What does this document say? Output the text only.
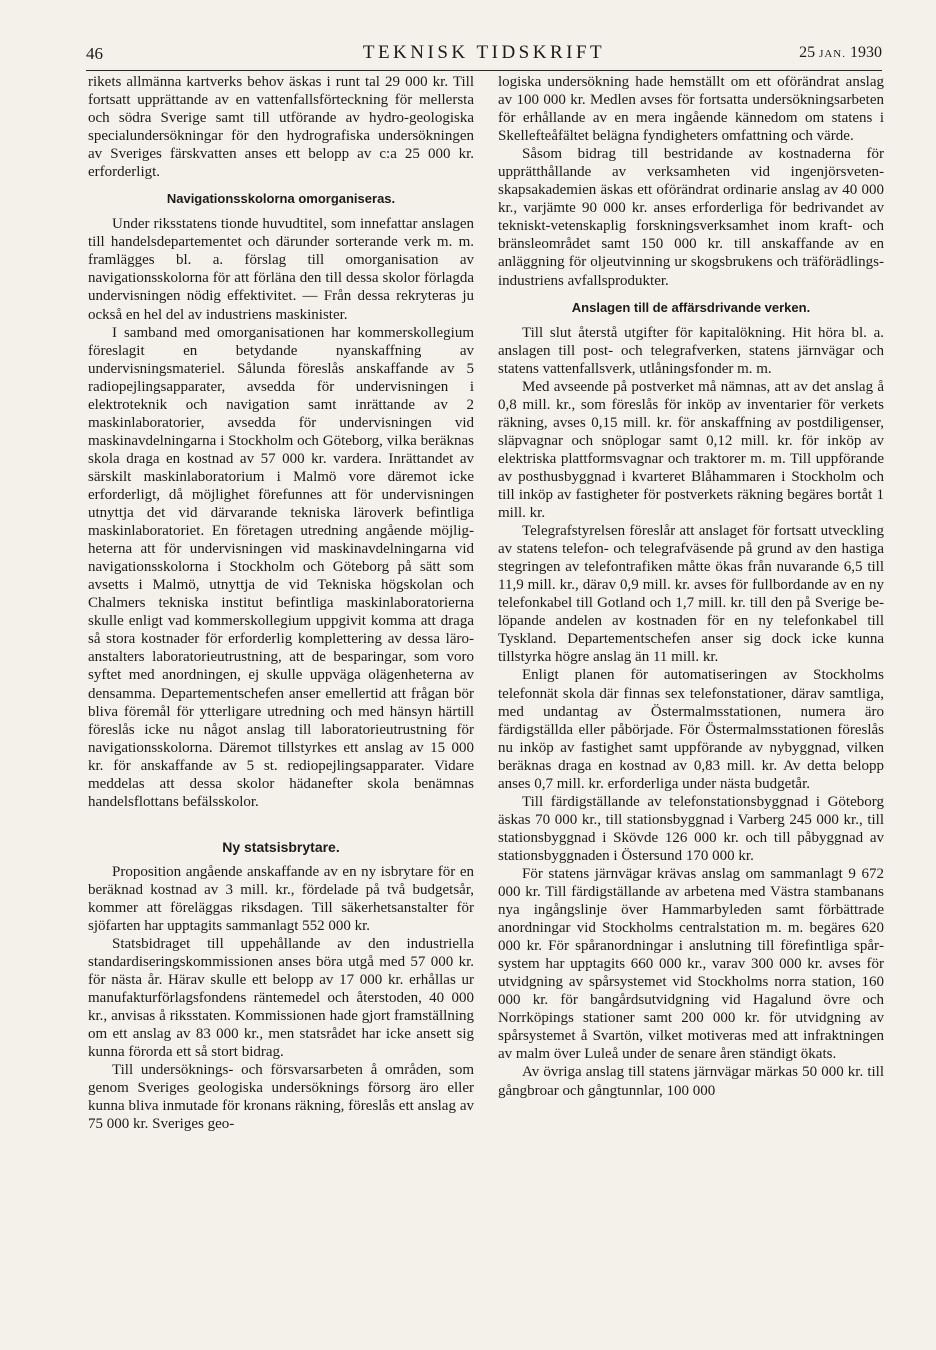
46	TEKNISK TIDSKRIFT	25 JAN. 1930

rikets allmänna kartverks behov äskas i runt tal 29 000 kr. Till fortsatt upprättande av en vattenfallsförteckning för mellersta och södra Sverige samt till utförande av hydro-geologiska specialundersökningar för den hydrografiska undersökningen av Sveriges färskvatten anses ett belopp av c:a 25 000 kr. erforderligt.

Navigationsskolorna omorganiseras.

Under riksstatens tionde huvudtitel, som innefattar anslagen till handelsdepartementet och därunder sorterande verk m. m. framlägges bl. a. förslag till omorganisation av navigationsskolorna för att förläna den till dessa skolor förlagda undervisningen nödig effektivitet. — Från dessa rekryteras ju också en hel del av industriens maskinister.

I samband med omorganisationen har kommerskollegium föreslagit en betydande nyanskaffning av undervisningsmateriel. Sålunda föreslås anskaffande av 5 radiopejlingsapparater, avsedda för undervisningen i elektroteknik och navigation samt inrättande av 2 maskinlaboratorier, avsedda för undervisningen vid maskinavdelningarna i Stockholm och Göteborg, vilka beräknas skola draga en kostnad av 57 000 kr. vardera. Inrättandet av särskilt maskinlaboratorium i Malmö vore däremot icke erforderligt, då möjlighet förefunnes att för undervisningen utnyttja det vid därvarande tekniska läroverk befintliga maskinlaboratoriet. En företagen utredning angående möjligheterna att för undervisningen vid maskinavdelningarna vid navigationsskolorna i Stockholm och Göteborg på sätt som avsetts i Malmö, utnyttja de vid Tekniska högskolan och Chalmers tekniska institut befintliga maskinlaboratorierna skulle enligt vad kommerskollegium uppgivit komma att draga så stora kostnader för erforderlig komplettering av dessa läroanstalters laboratorieutrustning, att de besparingar, som voro syftet med anordningen, ej skulle uppväga olägenheterna av densamma. Departementschefen anser emellertid att frågan bör bliva föremål för ytterligare utredning och med hänsyn härtill föreslås icke nu något anslag till laboratorieutrustning för navigationsskolorna. Däremot tillstyrkes ett anslag av 15 000 kr. för anskaffande av 5 st. rediopejlingsapparater. Vidare meddelas att dessa skolor hädanefter skola benämnas handelsflottans befälsskolor.

Ny statsisbrytare.

Proposition angående anskaffande av en ny isbrytare för en beräknad kostnad av 3 mill. kr., fördelade på två budgetsår, kommer att föreläggas riksdagen. Till säkerhetsanstalter för sjöfarten har upptagits sammanlagt 552 000 kr.

Statsbidraget till uppehållande av den industriella standardiseringskommissionen anses böra utgå med 57 000 kr. för nästa år. Härav skulle ett belopp av 17 000 kr. erhållas ur manufakturförlagsfondens räntemedel och återstoden, 40 000 kr., anvisas å riksstaten. Kommissionen hade gjort framställning om ett anslag av 83 000 kr., men statsrådet har icke ansett sig kunna förorda ett så stort bidrag.

Till undersöknings- och försvarsarbeten å områden, som genom Sveriges geologiska undersöknings försorg äro eller kunna bliva inmutade för kronans räkning, föreslås ett anslag av 75 000 kr. Sveriges geo-

logiska undersökning hade hemställt om ett oförändrat anslag av 100 000 kr. Medlen avses för fortsatta undersökningsarbeten för erhållande av en mera ingående kännedom om statens i Skellefteåfältet belägna fyndigheters omfattning och värde.

Såsom bidrag till bestridande av kostnaderna för upprätthållande av verksamheten vid ingenjörsvetenskapsakademien äskas ett oförändrat ordinarie anslag av 40 000 kr., varjämte 90 000 kr. anses erforderliga för bedrivandet av tekniskt-vetenskaplig forskningsverksamhet inom kraft- och bränsleområdet samt 150 000 kr. till anskaffande av en anläggning för oljeutvinning ur skogsbrukens och träförädlingsindustriens avfallsprodukter.

Anslagen till de affärsdrivande verken.

Till slut återstå utgifter för kapitalökning. Hit höra bl. a. anslagen till post- och telegrafverken, statens järnvägar och statens vattenfallsverk, utlåningsfonder m. m.

Med avseende på postverket må nämnas, att av det anslag å 0,8 mill. kr., som föreslås för inköp av inventarier för verkets räkning, avses 0,15 mill. kr. för anskaffning av postdiligenser, släpvagnar och snöplogar samt 0,12 mill. kr. för inköp av elektriska plattformsvagnar och traktorer m. m. Till uppförande av posthusbyggnad i kvarteret Blåhammaren i Stockholm och till inköp av fastigheter för postverkets räkning begäres bortåt 1 mill. kr.

Telegrafstyrelsen föreslår att anslaget för fortsatt utveckling av statens telefon- och telegrafväsende på grund av den hastiga stegringen av telefontrafiken måtte ökas från nuvarande 6,5 till 11,9 mill. kr., därav 0,9 mill. kr. avses för fullbordande av en ny telefonkabel till Gotland och 1,7 mill. kr. till den på Sverige belöpande andelen av kostnaden för en ny telefonkabel till Tyskland. Departementschefen anser sig dock icke kunna tillstyrka högre anslag än 11 mill. kr.

Enligt planen för automatiseringen av Stockholms telefonnät skola där finnas sex telefonstationer, därav samtliga, med undantag av Östermalmsstationen, numera äro färdigställda eller påbörjade. För Östermalmsstationen föreslås nu inköp av fastighet samt uppförande av nybyggnad, vilken beräknas draga en kostnad av 0,83 mill. kr. Av detta belopp anses 0,7 mill. kr. erforderliga under nästa budgetår.

Till färdigställande av telefonstationsbyggnad i Göteborg äskas 70 000 kr., till stationsbyggnad i Varberg 245 000 kr., till stationsbyggnad i Skövde 126 000 kr. och till påbyggnad av stationsbyggnaden i Östersund 170 000 kr.

För statens järnvägar krävas anslag om sammanlagt 9 672 000 kr. Till färdigställande av arbetena med Västra stambanans nya ingångslinje över Hammarbyleden samt förbättrade anordningar vid Stockholms centralstation m. m. begäres 620 000 kr. För spåranordningar i anslutning till förefintliga spårsystem har upptagits 660 000 kr., varav 300 000 kr. avses för utvidgning av spårsystemet vid Stockholms norra station, 160 000 kr. för bangårdsutvidgning vid Hagalund övre och Norrköpings stationer samt 200 000 kr. för utvidgning av spårsystemet å Svartön, vilket motiveras med att infraktningen av malm över Luleå under de senare åren ständigt ökats.

Av övriga anslag till statens järnvägar märkas 50 000 kr. till gångbroar och gångtunnlar, 100 000
